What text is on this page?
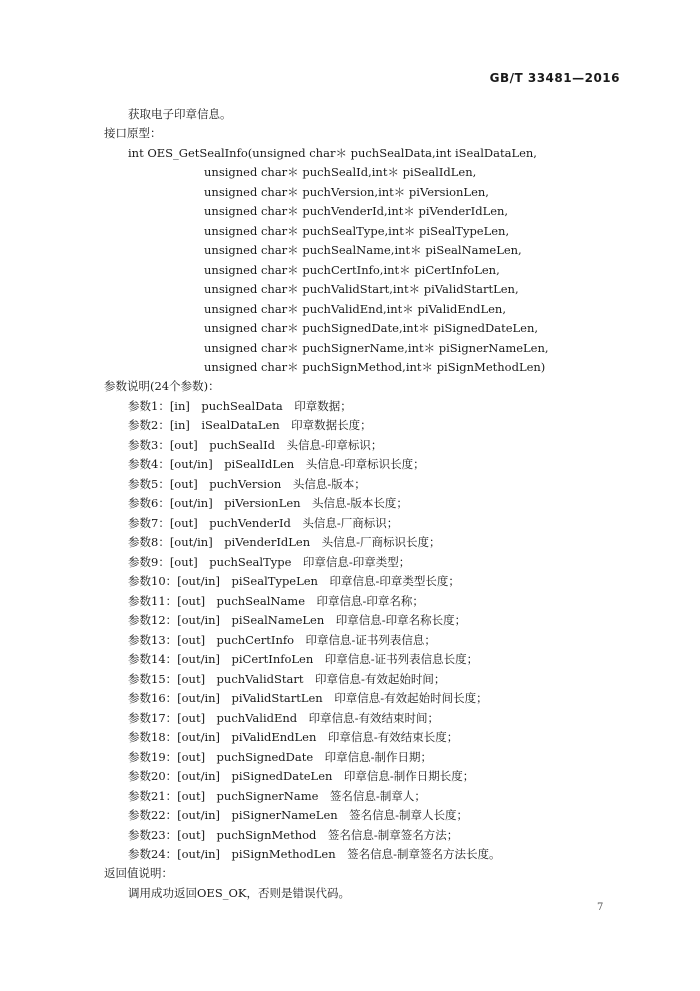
GB/T 33481—2016
获取电子印章信息。
接口原型：
int OES_GetSealInfo(unsigned char＊ puchSealData,int iSealDataLen,
unsigned char＊ puchSealId,int＊ piSealIdLen,
unsigned char＊ puchVersion,int＊ piVersionLen,
unsigned char＊ puchVenderId,int＊ piVenderIdLen,
unsigned char＊ puchSealType,int＊ piSealTypeLen,
unsigned char＊ puchSealName,int＊ piSealNameLen,
unsigned char＊ puchCertInfo,int＊ piCertInfoLen,
unsigned char＊ puchValidStart,int＊ piValidStartLen,
unsigned char＊ puchValidEnd,int＊ piValidEndLen,
unsigned char＊ puchSignedDate,int＊ piSignedDateLen,
unsigned char＊ puchSignerName,int＊ piSignerNameLen,
unsigned char＊ puchSignMethod,int＊ piSignMethodLen)
参数说明(24个参数)：
参数1：[in]　puchSealData　印章数据；
参数2：[in]　iSealDataLen　印章数据长度；
参数3：[out]　puchSealId　头信息-印章标识；
参数4：[out/in]　piSealIdLen　头信息-印章标识长度；
参数5：[out]　puchVersion　头信息-版本；
参数6：[out/in]　piVersionLen　头信息-版本长度；
参数7：[out]　puchVenderId　头信息-厂商标识；
参数8：[out/in]　piVenderIdLen　头信息-厂商标识长度；
参数9：[out]　puchSealType　印章信息-印章类型；
参数10：[out/in]　piSealTypeLen　印章信息-印章类型长度；
参数11：[out]　puchSealName　印章信息-印章名称；
参数12：[out/in]　piSealNameLen　印章信息-印章名称长度；
参数13：[out]　puchCertInfo　印章信息-证书列表信息；
参数14：[out/in]　piCertInfoLen　印章信息-证书列表信息长度；
参数15：[out]　puchValidStart　印章信息-有效起始时间；
参数16：[out/in]　piValidStartLen　印章信息-有效起始时间长度；
参数17：[out]　puchValidEnd　印章信息-有效结束时间；
参数18：[out/in]　piValidEndLen　印章信息-有效结束长度；
参数19：[out]　puchSignedDate　印章信息-制作日期；
参数20：[out/in]　piSignedDateLen　印章信息-制作日期长度；
参数21：[out]　puchSignerName　签名信息-制章人；
参数22：[out/in]　piSignerNameLen　签名信息-制章人长度；
参数23：[out]　puchSignMethod　签名信息-制章签名方法；
参数24：[out/in]　piSignMethodLen　签名信息-制章签名方法长度。
返回值说明：
调用成功返回OES_OK，否则是错误代码。
7
